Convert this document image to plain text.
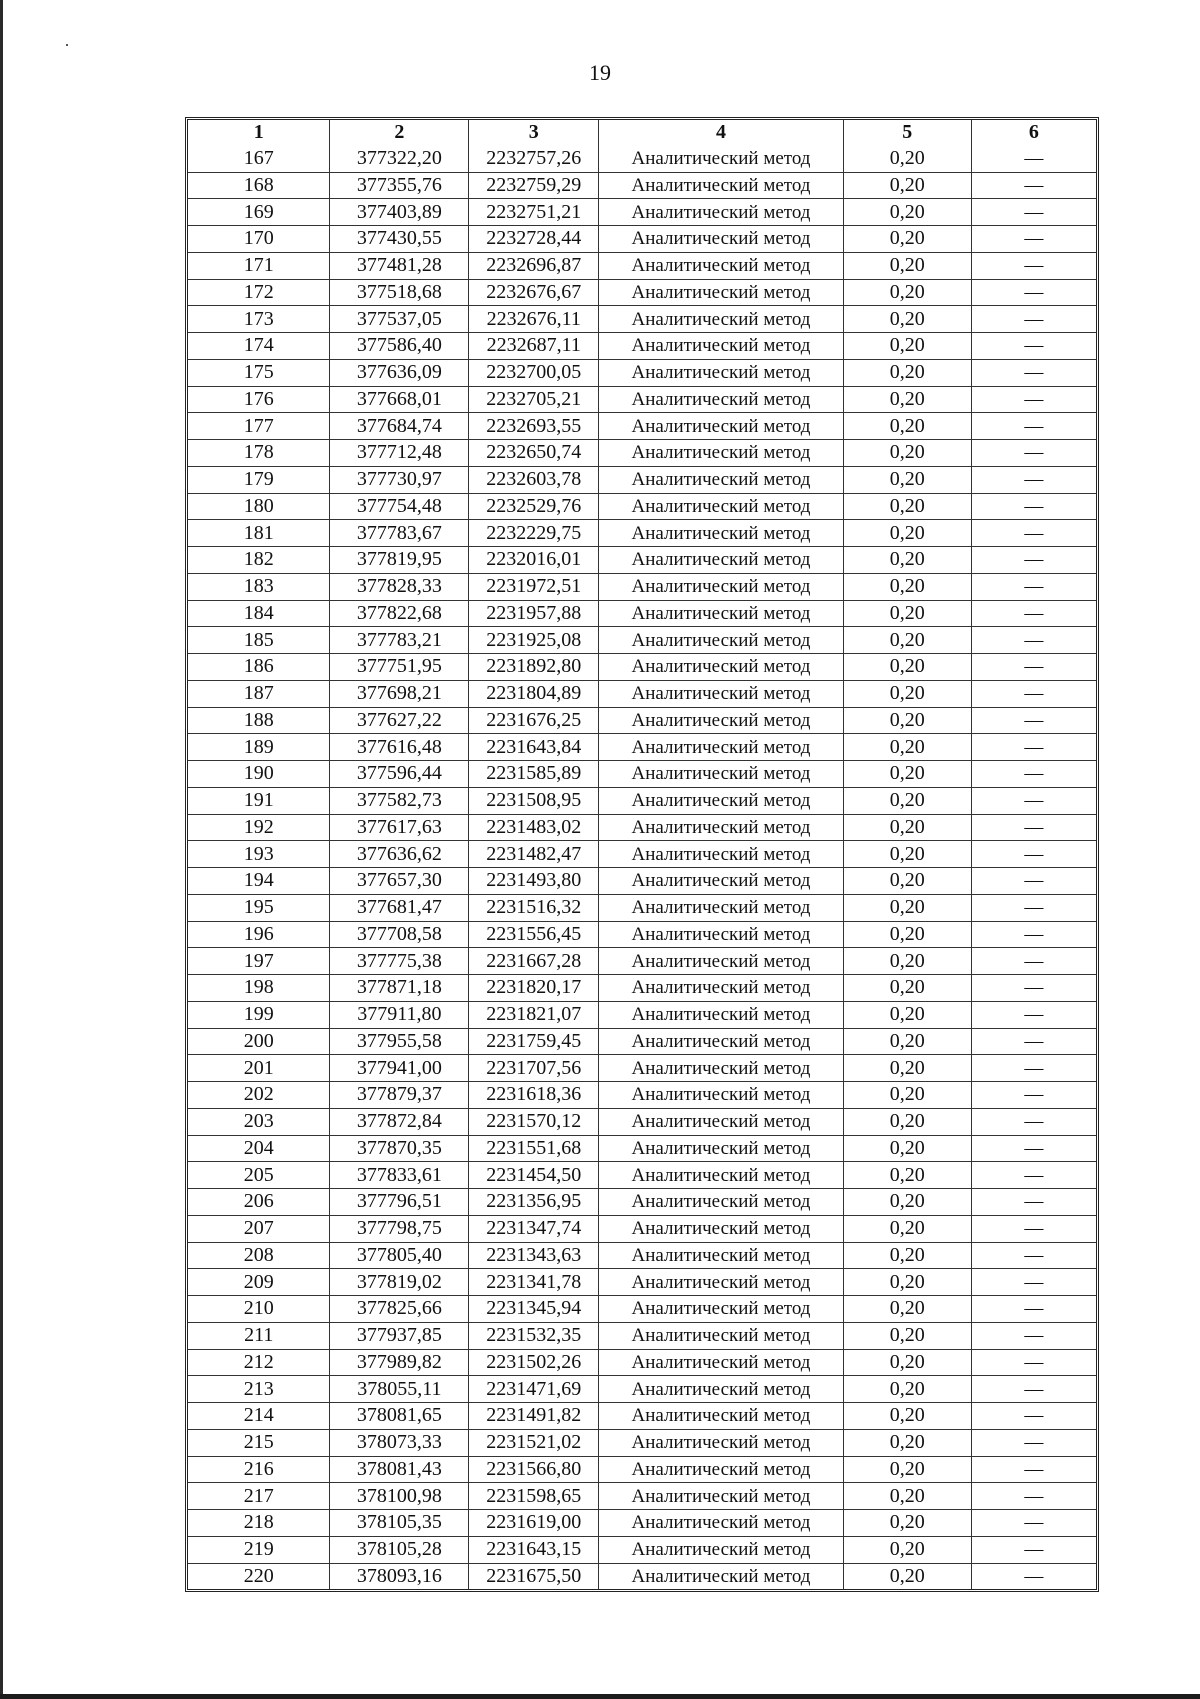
19
1	2	3	4	5	6
167	377322,20	2232757,26	Аналитический метод	0,20	—
168	377355,76	2232759,29	Аналитический метод	0,20	—
169	377403,89	2232751,21	Аналитический метод	0,20	—
170	377430,55	2232728,44	Аналитический метод	0,20	—
171	377481,28	2232696,87	Аналитический метод	0,20	—
172	377518,68	2232676,67	Аналитический метод	0,20	—
173	377537,05	2232676,11	Аналитический метод	0,20	—
174	377586,40	2232687,11	Аналитический метод	0,20	—
175	377636,09	2232700,05	Аналитический метод	0,20	—
176	377668,01	2232705,21	Аналитический метод	0,20	—
177	377684,74	2232693,55	Аналитический метод	0,20	—
178	377712,48	2232650,74	Аналитический метод	0,20	—
179	377730,97	2232603,78	Аналитический метод	0,20	—
180	377754,48	2232529,76	Аналитический метод	0,20	—
181	377783,67	2232229,75	Аналитический метод	0,20	—
182	377819,95	2232016,01	Аналитический метод	0,20	—
183	377828,33	2231972,51	Аналитический метод	0,20	—
184	377822,68	2231957,88	Аналитический метод	0,20	—
185	377783,21	2231925,08	Аналитический метод	0,20	—
186	377751,95	2231892,80	Аналитический метод	0,20	—
187	377698,21	2231804,89	Аналитический метод	0,20	—
188	377627,22	2231676,25	Аналитический метод	0,20	—
189	377616,48	2231643,84	Аналитический метод	0,20	—
190	377596,44	2231585,89	Аналитический метод	0,20	—
191	377582,73	2231508,95	Аналитический метод	0,20	—
192	377617,63	2231483,02	Аналитический метод	0,20	—
193	377636,62	2231482,47	Аналитический метод	0,20	—
194	377657,30	2231493,80	Аналитический метод	0,20	—
195	377681,47	2231516,32	Аналитический метод	0,20	—
196	377708,58	2231556,45	Аналитический метод	0,20	—
197	377775,38	2231667,28	Аналитический метод	0,20	—
198	377871,18	2231820,17	Аналитический метод	0,20	—
199	377911,80	2231821,07	Аналитический метод	0,20	—
200	377955,58	2231759,45	Аналитический метод	0,20	—
201	377941,00	2231707,56	Аналитический метод	0,20	—
202	377879,37	2231618,36	Аналитический метод	0,20	—
203	377872,84	2231570,12	Аналитический метод	0,20	—
204	377870,35	2231551,68	Аналитический метод	0,20	—
205	377833,61	2231454,50	Аналитический метод	0,20	—
206	377796,51	2231356,95	Аналитический метод	0,20	—
207	377798,75	2231347,74	Аналитический метод	0,20	—
208	377805,40	2231343,63	Аналитический метод	0,20	—
209	377819,02	2231341,78	Аналитический метод	0,20	—
210	377825,66	2231345,94	Аналитический метод	0,20	—
211	377937,85	2231532,35	Аналитический метод	0,20	—
212	377989,82	2231502,26	Аналитический метод	0,20	—
213	378055,11	2231471,69	Аналитический метод	0,20	—
214	378081,65	2231491,82	Аналитический метод	0,20	—
215	378073,33	2231521,02	Аналитический метод	0,20	—
216	378081,43	2231566,80	Аналитический метод	0,20	—
217	378100,98	2231598,65	Аналитический метод	0,20	—
218	378105,35	2231619,00	Аналитический метод	0,20	—
219	378105,28	2231643,15	Аналитический метод	0,20	—
220	378093,16	2231675,50	Аналитический метод	0,20	—
